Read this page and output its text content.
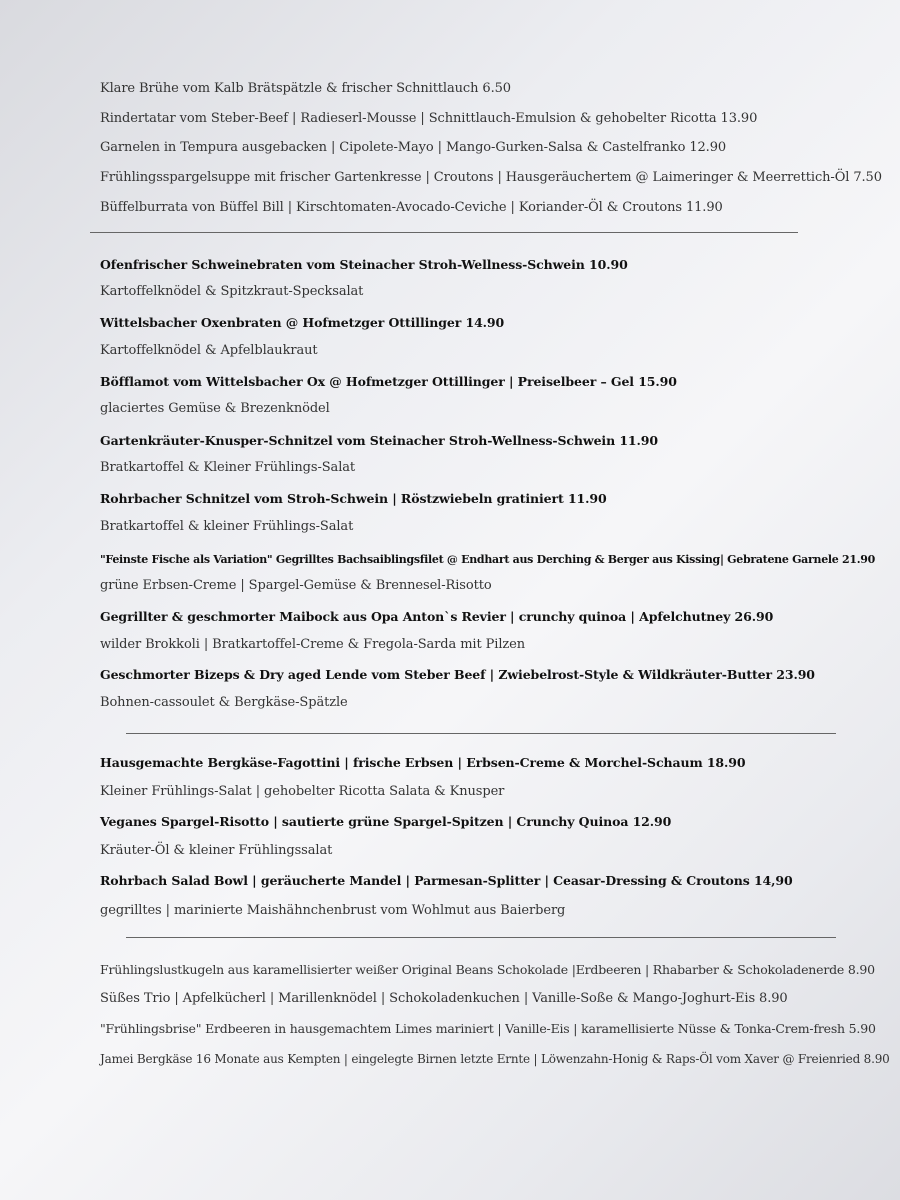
Klare Brühe vom Kalb Brätspätzle & frischer Schnittlauch 6.50
Rindertatar vom Steber-Beef | Radieserl-Mousse | Schnittlauch-Emulsion & gehobelter Ricotta 13.90
Garnelen in Tempura ausgebacken | Cipolete-Mayo | Mango-Gurken-Salsa & Castelfranko 12.90
Frühlingsspargelsuppe mit frischer Gartenkresse | Croutons | Hausgeräuchertem @ Laimeringer & Meerrettich-Öl 7.50
Büffelburrata von Büffel Bill | Kirschtomaten-Avocado-Ceviche | Koriander-Öl & Croutons 11.90
Ofenfrischer Schweinebraten vom Steinacher Stroh-Wellness-Schwein 10.90
Kartoffelknödel & Spitzkraut-Specksalat
Wittelsbacher Oxenbraten @ Hofmetzger Ottillinger 14.90
Kartoffelknödel & Apfelblaukraut
Böfflamot vom Wittelsbacher Ox @ Hofmetzger Ottillinger | Preiselbeer – Gel 15.90
glaciertes Gemüse & Brezenknödel
Gartenkräuter-Knusper-Schnitzel vom Steinacher Stroh-Wellness-Schwein 11.90
Bratkartoffel & Kleiner Frühlings-Salat
Rohrbacher Schnitzel vom Stroh-Schwein | Röstzwiebeln gratiniert 11.90
Bratkartoffel & kleiner Frühlings-Salat
"Feinste Fische als Variation" Gegrilltes Bachsaiblingsfilet @ Endhart aus Derching & Berger aus Kissing| Gebratene Garnele 21.90
grüne Erbsen-Creme | Spargel-Gemüse & Brennesel-Risotto
Gegrillter & geschmorter Maibock aus Opa Anton`s Revier | crunchy quinoa | Apfelchutney 26.90
wilder Brokkoli | Bratkartoffel-Creme & Fregola-Sarda mit Pilzen
Geschmorter Bizeps & Dry aged Lende vom Steber Beef | Zwiebelrost-Style & Wildkräuter-Butter 23.90
Bohnen-cassoulet & Bergkäse-Spätzle
Hausgemachte Bergkäse-Fagottini | frische Erbsen | Erbsen-Creme & Morchel-Schaum 18.90
Kleiner Frühlings-Salat | gehobelter Ricotta Salata & Knusper
Veganes Spargel-Risotto | sautierte grüne Spargel-Spitzen | Crunchy Quinoa 12.90
Kräuter-Öl & kleiner Frühlingssalat
Rohrbach Salad Bowl | geräucherte Mandel | Parmesan-Splitter | Ceasar-Dressing & Croutons 14,90
gegrilltes | marinierte Maishähnchenbrust vom Wohlmut aus Baierberg
Frühlingslustkugeln aus karamellisierter weißer Original Beans Schokolade |Erdbeeren | Rhabarber & Schokoladenerde 8.90
Süßes Trio | Apfelkücherl | Marillenknödel | Schokoladenkuchen | Vanille-Soße & Mango-Joghurt-Eis 8.90
"Frühlingsbrise" Erdbeeren in hausgemachtem Limes mariniert | Vanille-Eis | karamellisierte Nüsse & Tonka-Crem-fresh 5.90
Jamei Bergkäse 16 Monate aus Kempten | eingelegte Birnen letzte Ernte | Löwenzahn-Honig & Raps-Öl vom Xaver @ Freienried 8.90
